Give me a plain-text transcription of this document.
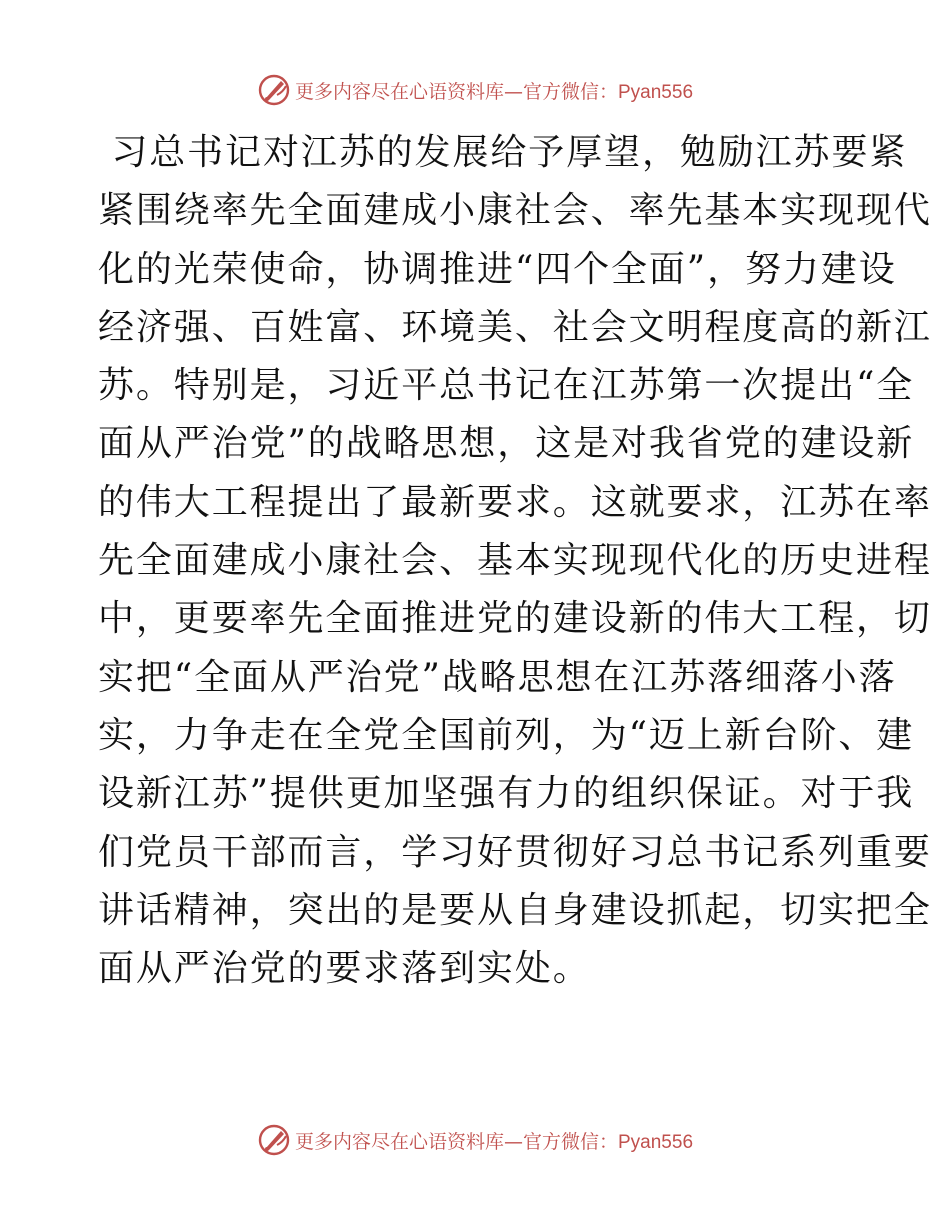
更多内容尽在心语资料库—官方微信：Pyan556
习总书记对江苏的发展给予厚望，勉励江苏要紧
紧围绕率先全面建成小康社会、率先基本实现现代
化的光荣使命，协调推进“四个全面”，努力建设
经济强、百姓富、环境美、社会文明程度高的新江
苏。特别是，习近平总书记在江苏第一次提出“全
面从严治党”的战略思想，这是对我省党的建设新
的伟大工程提出了最新要求。这就要求，江苏在率
先全面建成小康社会、基本实现现代化的历史进程
中，更要率先全面推进党的建设新的伟大工程，切
实把“全面从严治党”战略思想在江苏落细落小落
实，力争走在全党全国前列，为“迈上新台阶、建
设新江苏”提供更加坚强有力的组织保证。对于我
们党员干部而言，学习好贯彻好习总书记系列重要
讲话精神，突出的是要从自身建设抓起，切实把全
面从严治党的要求落到实处。
更多内容尽在心语资料库—官方微信：Pyan556
